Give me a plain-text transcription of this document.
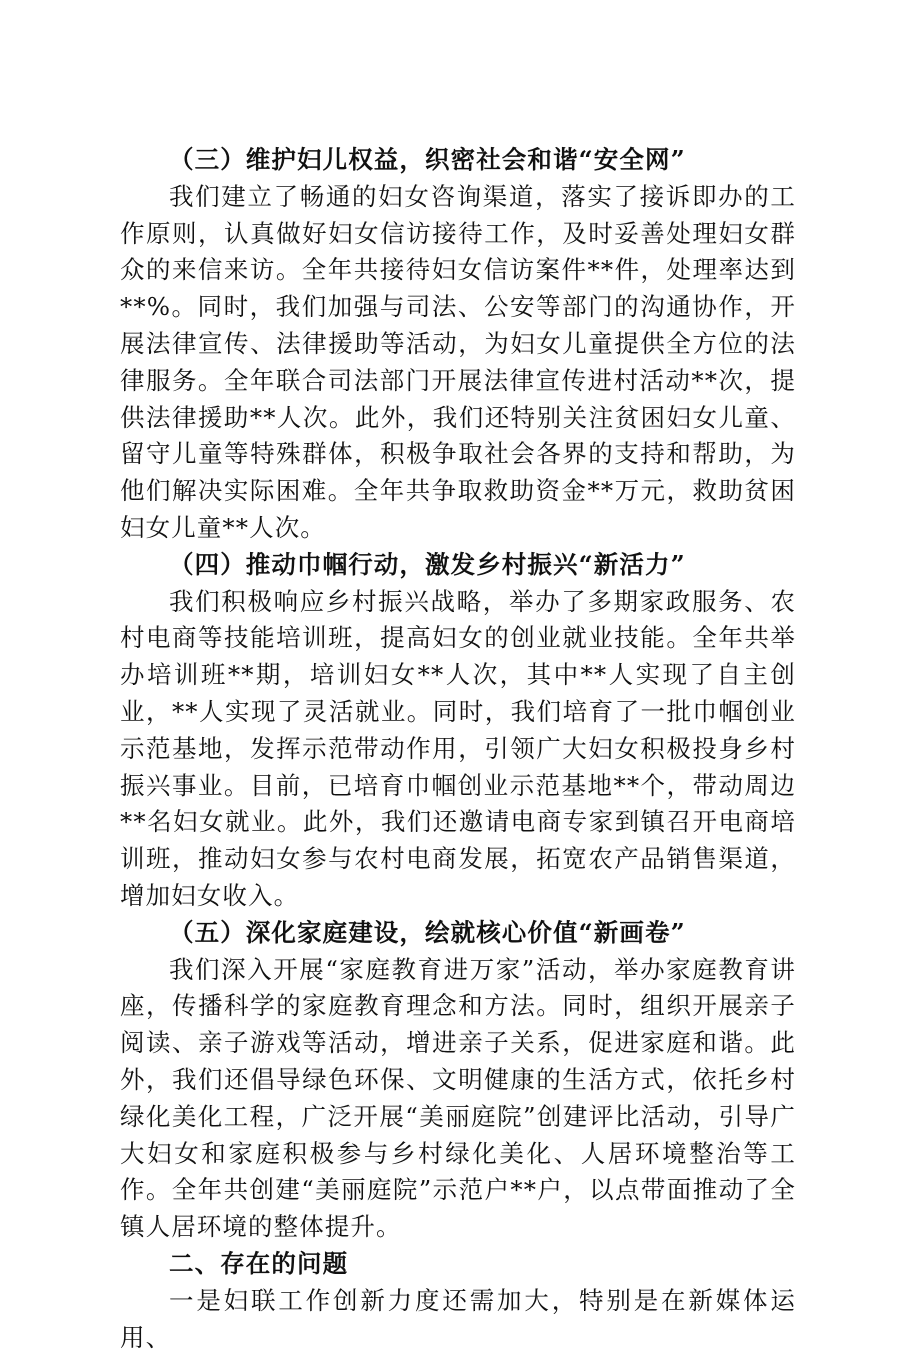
（三）维护妇儿权益，织密社会和谐“安全网”

我们建立了畅通的妇女咨询渠道，落实了接诉即办的工作原则，认真做好妇女信访接待工作，及时妥善处理妇女群众的来信来访。全年共接待妇女信访案件**件，处理率达到**%。同时，我们加强与司法、公安等部门的沟通协作，开展法律宣传、法律援助等活动，为妇女儿童提供全方位的法律服务。全年联合司法部门开展法律宣传进村活动**次，提供法律援助**人次。此外，我们还特别关注贫困妇女儿童、留守儿童等特殊群体，积极争取社会各界的支持和帮助，为他们解决实际困难。全年共争取救助资金**万元，救助贫困妇女儿童**人次。

（四）推动巾帼行动，激发乡村振兴“新活力”

我们积极响应乡村振兴战略，举办了多期家政服务、农村电商等技能培训班，提高妇女的创业就业技能。全年共举办培训班**期，培训妇女**人次，其中**人实现了自主创业，**人实现了灵活就业。同时，我们培育了一批巾帼创业示范基地，发挥示范带动作用，引领广大妇女积极投身乡村振兴事业。目前，已培育巾帼创业示范基地**个，带动周边**名妇女就业。此外，我们还邀请电商专家到镇召开电商培训班，推动妇女参与农村电商发展，拓宽农产品销售渠道，增加妇女收入。

（五）深化家庭建设，绘就核心价值“新画卷”

我们深入开展“家庭教育进万家”活动，举办家庭教育讲座，传播科学的家庭教育理念和方法。同时，组织开展亲子阅读、亲子游戏等活动，增进亲子关系，促进家庭和谐。此外，我们还倡导绿色环保、文明健康的生活方式，依托乡村绿化美化工程，广泛开展“美丽庭院”创建评比活动，引导广大妇女和家庭积极参与乡村绿化美化、人居环境整治等工作。全年共创建“美丽庭院”示范户**户，以点带面推动了全镇人居环境的整体提升。

二、存在的问题

一是妇联工作创新力度还需加大，特别是在新媒体运用、
